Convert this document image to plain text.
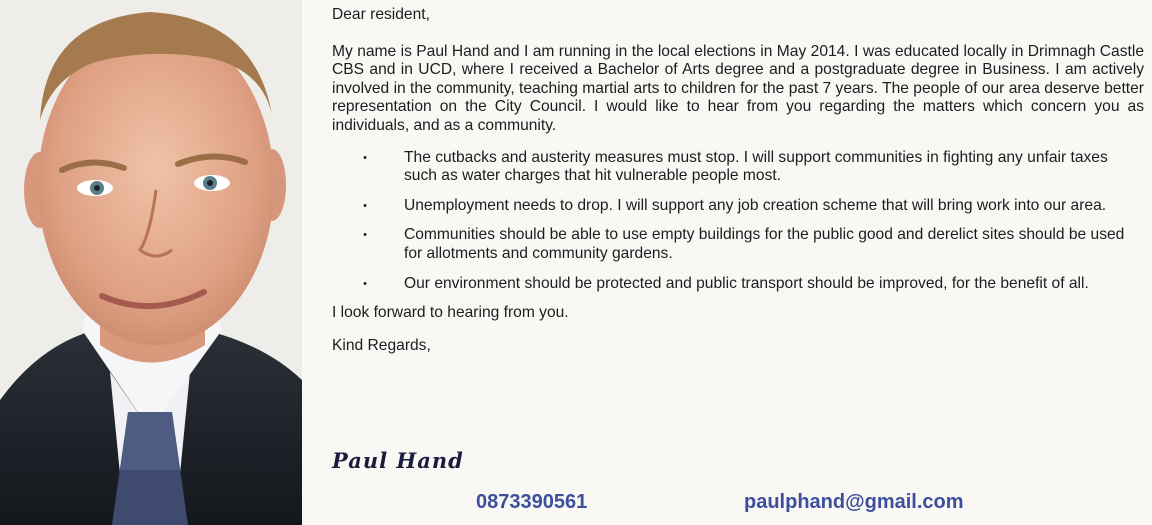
Dear resident,

My name is Paul Hand and I am running in the local elections in May 2014. I was educated locally in Drimnagh Castle CBS and in UCD, where I received a Bachelor of Arts degree and a postgraduate degree in Business. I am actively involved in the community, teaching martial arts to children for the past 7 years. The people of our area deserve better representation on the City Council. I would like to hear from you regarding the matters which concern you as individuals, and as a community.

• The cutbacks and austerity measures must stop. I will support communities in fighting any unfair taxes such as water charges that hit vulnerable people most.
• Unemployment needs to drop. I will support any job creation scheme that will bring work into our area.
• Communities should be able to use empty buildings for the public good and derelict sites should be used for allotments and community gardens.
• Our environment should be protected and public transport should be improved, for the benefit of all.

I look forward to hearing from you.

Kind Regards,

Paul Hand
0873390561	paulphand@gmail.com
